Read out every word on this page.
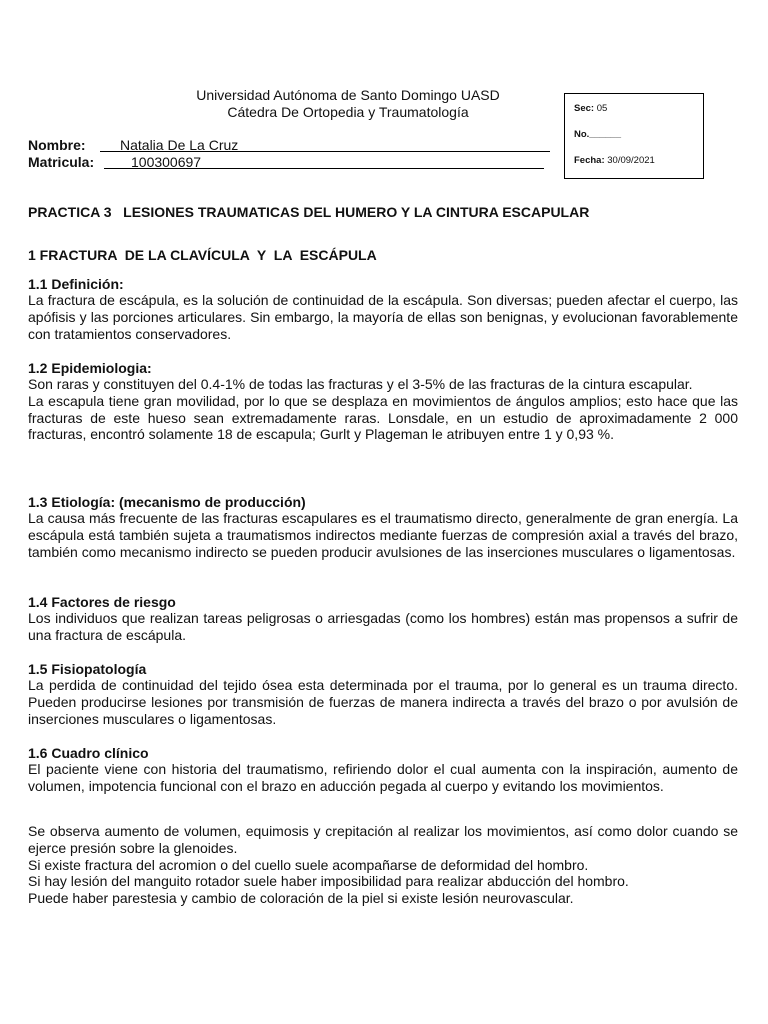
Universidad Autónoma de Santo Domingo UASD
Cátedra De Ortopedia y Traumatología	Sec: 05
No.______
Fecha: 30/09/2021
Nombre: Natalia De La Cruz
Matricula:	100300697
PRACTICA 3   LESIONES TRAUMATICAS DEL HUMERO Y LA CINTURA ESCAPULAR
1 FRACTURA  DE LA CLAVÍCULA  Y  LA  ESCÁPULA
1.1 Definición:

La fractura de escápula, es la solución de continuidad de la escápula. Son diversas; pueden afectar el cuerpo, las apófisis y las porciones articulares. Sin embargo, la mayoría de ellas son benignas, y evolucionan favorablemente con tratamientos conservadores.

1.2 Epidemiologia:

Son raras y constituyen del 0.4-1% de todas las fracturas y el 3-5% de las fracturas de la cintura escapular.

La escapula tiene gran movilidad, por lo que se desplaza en movimientos de ángulos amplios; esto hace que las fracturas de este hueso sean extremadamente raras. Lonsdale, en un estudio de aproximadamente 2 000 fracturas, encontró solamente 18 de escapula; Gurlt y Plageman le atribuyen entre 1 y 0,93 %.

1.3 Etiología: (mecanismo de producción)

La causa más frecuente de las fracturas escapulares es el traumatismo directo, generalmente de gran energía. La escápula está también sujeta a traumatismos indirectos mediante fuerzas de compresión axial a través del brazo, también como mecanismo indirecto se pueden producir avulsiones de las inserciones musculares o ligamentosas.

1.4 Factores de riesgo

Los individuos que realizan tareas peligrosas o arriesgadas (como los hombres) están mas propensos a sufrir de una fractura de escápula.

1.5 Fisiopatología

La perdida de continuidad del tejido ósea esta determinada por el trauma, por lo general es un trauma directo. Pueden producirse lesiones por transmisión de fuerzas de manera indirecta a través del brazo o por avulsión de inserciones musculares o ligamentosas.

1.6 Cuadro clínico

El paciente viene con historia del traumatismo, refiriendo dolor el cual aumenta con la inspiración, aumento de volumen, impotencia funcional con el brazo en aducción pegada al cuerpo y evitando los movimientos.

Se observa aumento de volumen, equimosis y crepitación al realizar los movimientos, así como dolor cuando se ejerce presión sobre la glenoides.

Si existe fractura del acromion o del cuello suele acompañarse de deformidad del hombro.

Si hay lesión del manguito rotador suele haber imposibilidad para realizar abducción del hombro.

Puede haber parestesia y cambio de coloración de la piel si existe lesión neurovascular.
